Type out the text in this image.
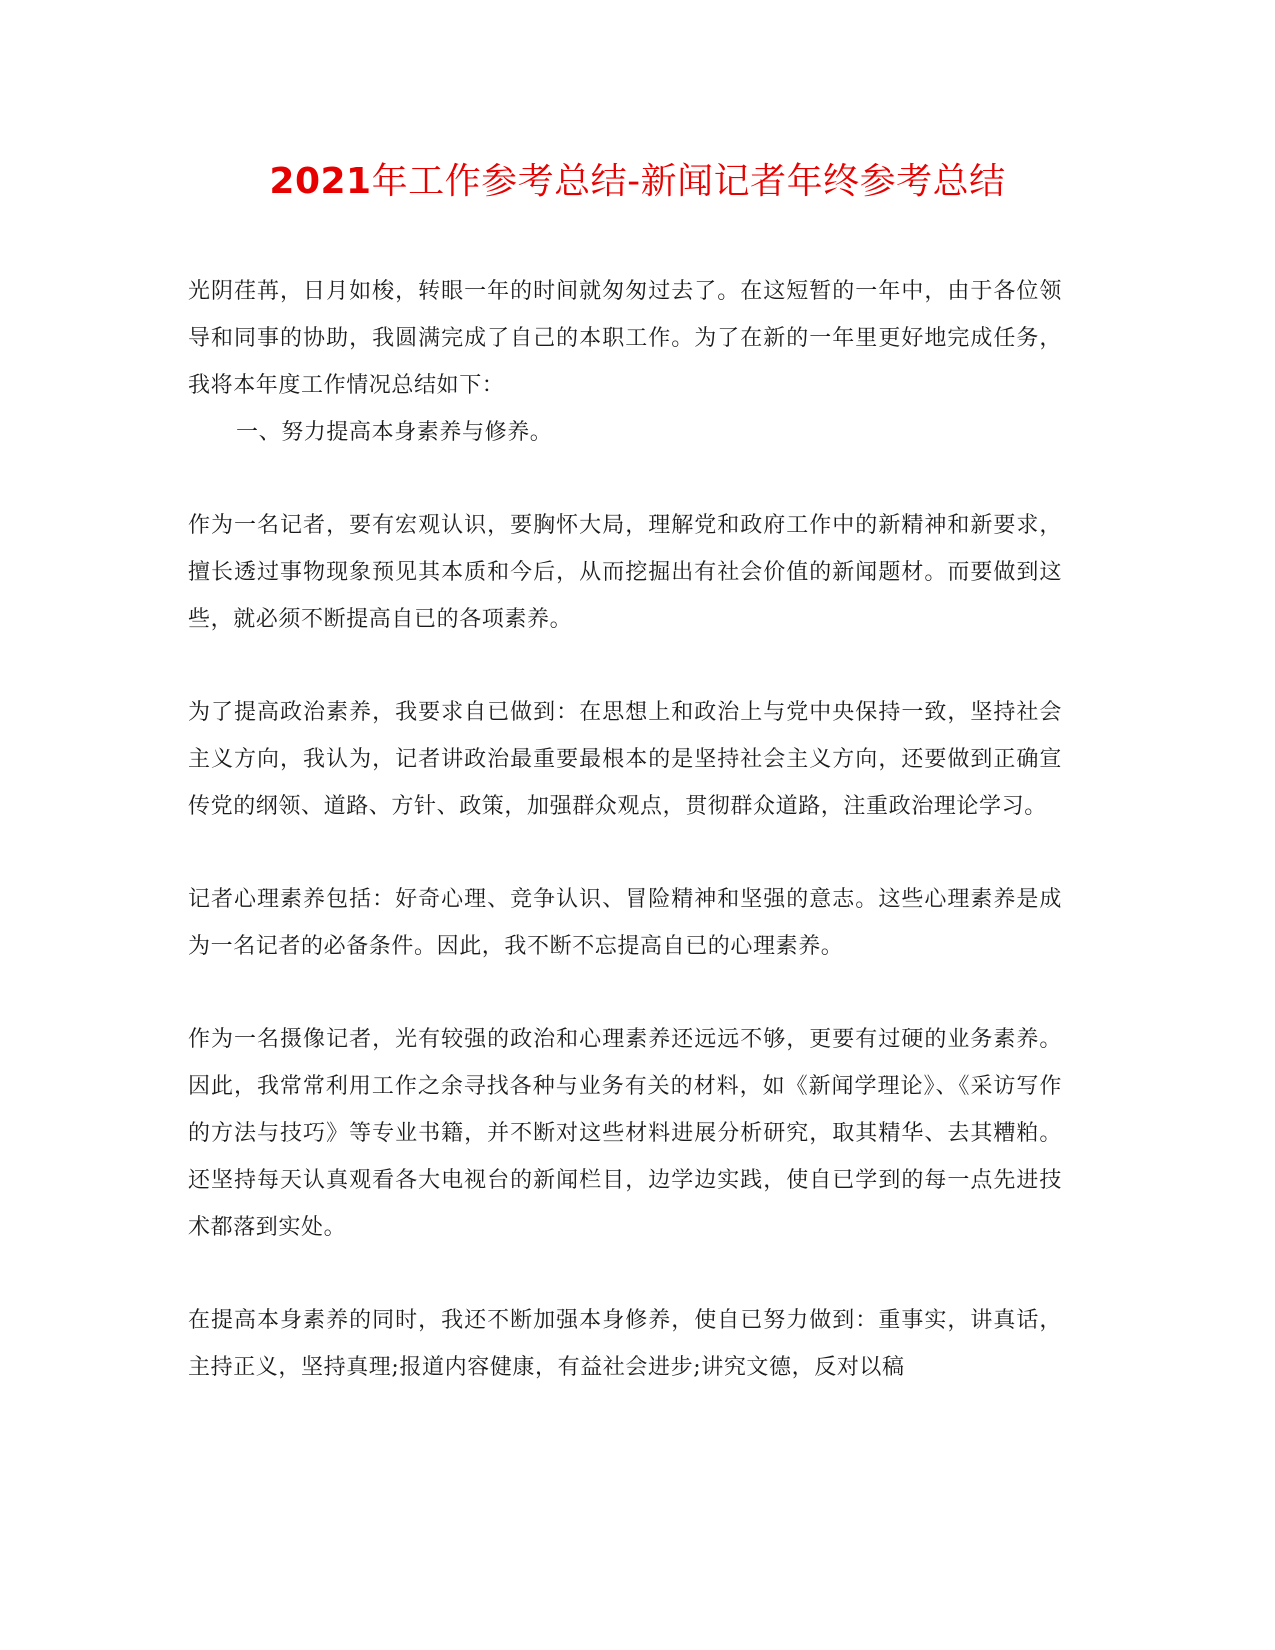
2021年工作参考总结-新闻记者年终参考总结

光阴荏苒，日月如梭，转眼一年的时间就匆匆过去了。在这短暂的一年中，由于各位领导和同事的协助，我圆满完成了自己的本职工作。为了在新的一年里更好地完成任务，我将本年度工作情况总结如下：

一、努力提高本身素养与修养。

作为一名记者，要有宏观认识，要胸怀大局，理解党和政府工作中的新精神和新要求，擅长透过事物现象预见其本质和今后，从而挖掘出有社会价值的新闻题材。而要做到这些，就必须不断提高自已的各项素养。

为了提高政治素养，我要求自已做到：在思想上和政治上与党中央保持一致，坚持社会主义方向，我认为，记者讲政治最重要最根本的是坚持社会主义方向，还要做到正确宣传党的纲领、道路、方针、政策，加强群众观点，贯彻群众道路，注重政治理论学习。

记者心理素养包括：好奇心理、竞争认识、冒险精神和坚强的意志。这些心理素养是成为一名记者的必备条件。因此，我不断不忘提高自已的心理素养。

作为一名摄像记者，光有较强的政治和心理素养还远远不够，更要有过硬的业务素养。因此，我常常利用工作之余寻找各种与业务有关的材料，如《新闻学理论》、《采访写作的方法与技巧》等专业书籍，并不断对这些材料进展分析研究，取其精华、去其糟粕。还坚持每天认真观看各大电视台的新闻栏目，边学边实践，使自已学到的每一点先进技术都落到实处。

在提高本身素养的同时，我还不断加强本身修养，使自已努力做到：重事实，讲真话，主持正义，坚持真理;报道内容健康，有益社会进步;讲究文德，反对以稿
